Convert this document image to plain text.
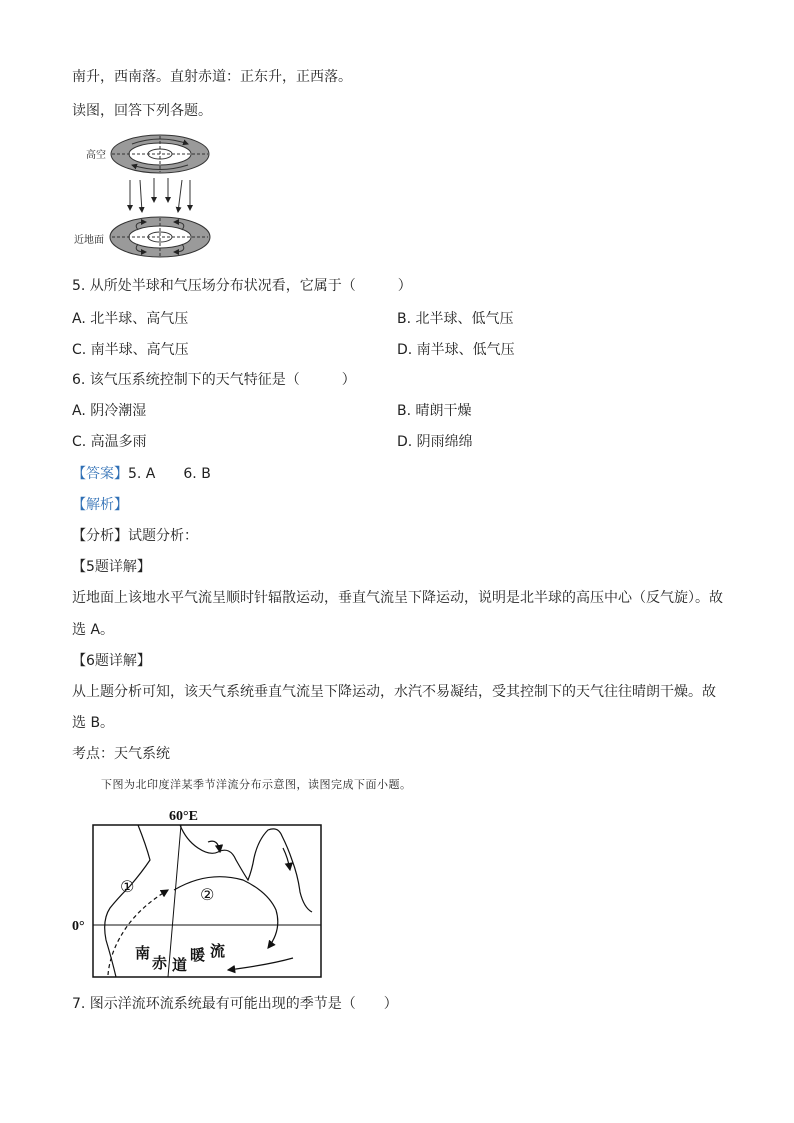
南升，西南落。直射赤道：正东升，正西落。
读图，回答下列各题。
高空
近地面
5. 从所处半球和气压场分布状况看，它属于（　　　）
A. 北半球、高气压	B. 北半球、低气压
C. 南半球、高气压	D. 南半球、低气压
6. 该气压系统控制下的天气特征是（　　　）
A. 阴冷潮湿	B. 晴朗干燥
C. 高温多雨	D. 阴雨绵绵
【答案】5. A　　6. B
【解析】
【分析】试题分析：
【5题详解】
近地面上该地水平气流呈顺时针辐散运动，垂直气流呈下降运动，说明是北半球的高压中心（反气旋）。故
选 A。
【6题详解】
从上题分析可知，该天气系统垂直气流呈下降运动，水汽不易凝结，受其控制下的天气往往晴朗干燥。故
选 B。
考点：天气系统
下图为北印度洋某季节洋流分布示意图，读图完成下面小题。
60°E
0°
①	②
南
赤 道
暖 流
7. 图示洋流环流系统最有可能出现的季节是（　　）
